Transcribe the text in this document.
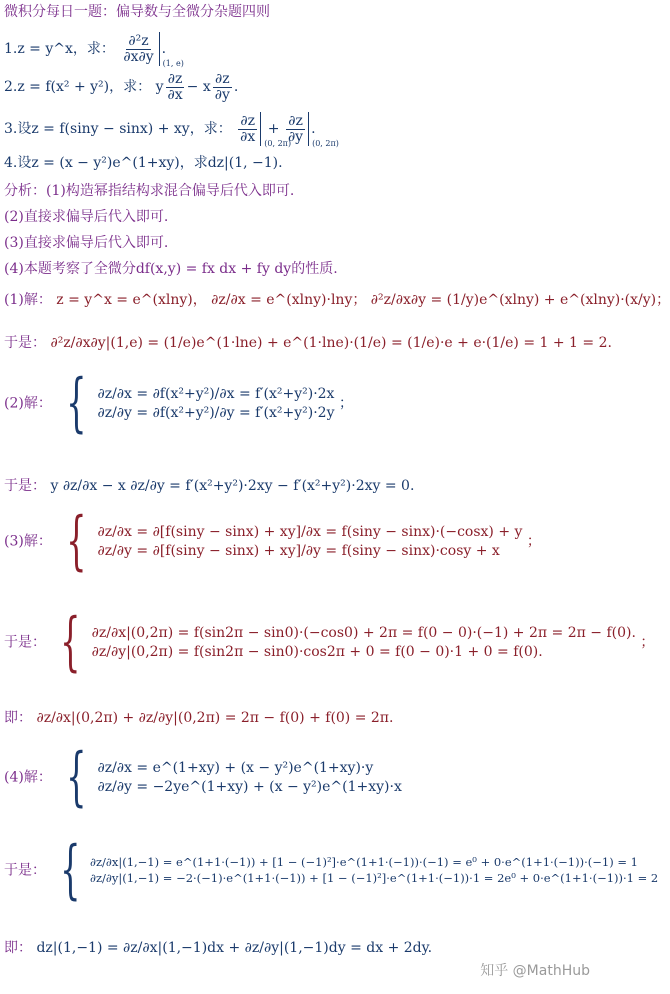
微积分每日一题：偏导数与全微分杂题四则
1.z = y^x，求： $\frac{\text{∂²z}}{\partial x\partial y} (1$, e)
.
2.z = f(x² + y²)，求： y $\frac{\partial z}{\partial x} - x \frac{\partial z}{\partial y}$ .
3.设z = f(siny − sinx) + xy，求： $\frac{\partial z}{\partial x} (0$, 2π)
+ $\frac{\partial z}{\partial y} (0$, 2π)
.
4.设z = (x − y²)e^(1+xy)，求dz|(1, −1).
分析：(1)构造幂指结构求混合偏导后代入即可.
(2)直接求偏导后代入即可.
(3)直接求偏导后代入即可.
(4)本题考察了全微分df(x,y) = fx dx + fy dy的性质.
(1)解： z = y^x = e^(xlny)， ∂z/∂x = e^(xlny)·lny； ∂²z/∂x∂y = (1/y)e^(xlny) + e^(xlny)·(x/y)；
于是： ∂²z/∂x∂y|(1,e) = (1/e)e^(1·lne) + e^(1·lne)·(1/e) = (1/e)·e + e·(1/e) = 1 + 1 = 2.
(2)解： { ∂z/∂x = ∂f(x²+y²)/∂x = f′(x²+y²)·2x
∂z/∂y = ∂f(x²+y²)/∂y = f′(x²+y²)·2y
；
于是： y ∂z/∂x − x ∂z/∂y = f′(x²+y²)·2xy − f′(x²+y²)·2xy = 0.
(3)解： { ∂z/∂x = ∂[f(siny − sinx) + xy]/∂x = f(siny − sinx)·(−cosx) + y
∂z/∂y = ∂[f(siny − sinx) + xy]/∂y = f(siny − sinx)·cosy + x
；
于是： { ∂z/∂x|(0,2π) = f(sin2π − sin0)·(−cos0) + 2π = f(0 − 0)·(−1) + 2π = 2π − f(0).
∂z/∂y|(0,2π) = f(sin2π − sin0)·cos2π + 0 = f(0 − 0)·1 + 0 = f(0).
；
即： ∂z/∂x|(0,2π) + ∂z/∂y|(0,2π) = 2π − f(0) + f(0) = 2π.
(4)解： { ∂z/∂x = e^(1+xy) + (x − y²)e^(1+xy)·y
∂z/∂y = −2ye^(1+xy) + (x − y²)e^(1+xy)·x
于是： { ∂z/∂x|(1,−1) = e^(1+1·(−1)) + [1 − (−1)²]·e^(1+1·(−1))·(−1) = e⁰ + 0·e^(1+1·(−1))·(−1) = 1
∂z/∂y|(1,−1) = −2·(−1)·e^(1+1·(−1)) + [1 − (−1)²]·e^(1+1·(−1))·1 = 2e⁰ + 0·e^(1+1·(−1))·1 = 2
即： dz|(1,−1) = ∂z/∂x|(1,−1)dx + ∂z/∂y|(1,−1)dy = dx + 2dy.
知乎 @MathHub
